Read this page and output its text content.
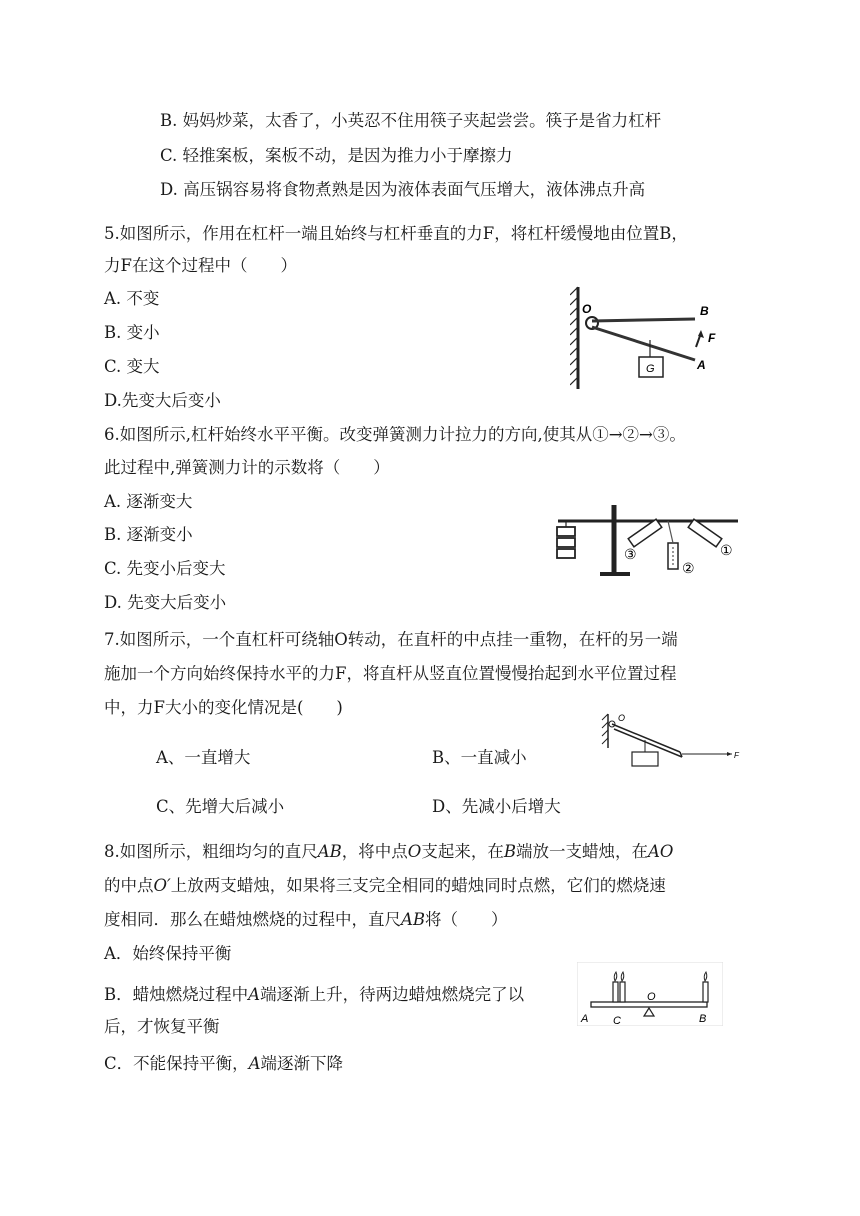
B. 妈妈炒菜，太香了，小英忍不住用筷子夹起尝尝。筷子是省力杠杆
C. 轻推案板，案板不动，是因为推力小于摩擦力
D. 高压锅容易将食物煮熟是因为液体表面气压增大，液体沸点升高
5.如图所示，作用在杠杆一端且始终与杠杆垂直的力F，将杠杆缓慢地由位置B，
力F在这个过程中（　　）
A. 不变
B. 变小
C. 变大
D.先变大后变小
O	B
F
A
G
6.如图所示,杠杆始终水平平衡。改变弹簧测力计拉力的方向,使其从①→②→③。
此过程中,弹簧测力计的示数将（　　）
A. 逐渐变大
B. 逐渐变小
C. 先变小后变大
D. 先变大后变小
③
②
①
7.如图所示，一个直杠杆可绕轴O转动，在直杆的中点挂一重物，在杆的另一端
施加一个方向始终保持水平的力F，将直杆从竖直位置慢慢抬起到水平位置过程
中，力F大小的变化情况是(　　)
A、一直增大	B、一直减小
C、先增大后减小	D、先减小后增大
O
F
8.如图所示，粗细均匀的直尺AB，将中点O支起来，在B端放一支蜡烛，在AO
的中点O′上放两支蜡烛，如果将三支完全相同的蜡烛同时点燃，它们的燃烧速
度相同．那么在蜡烛燃烧的过程中，直尺AB将（　　）
A．始终保持平衡
B．蜡烛燃烧过程中A端逐渐上升，待两边蜡烛燃烧完了以
后，才恢复平衡
C．不能保持平衡，A端逐渐下降
A C
O
B
